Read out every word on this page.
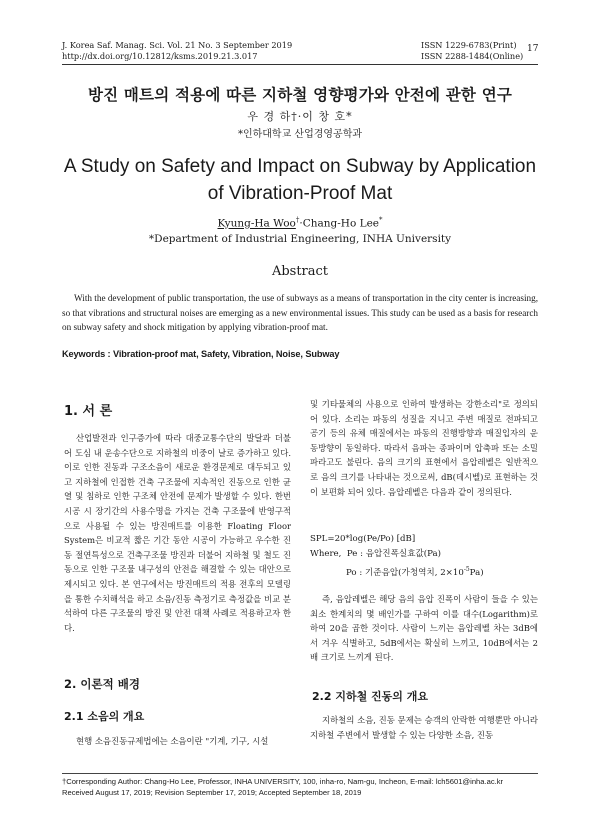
J. Korea Saf. Manag. Sci. Vol. 21 No. 3 September 2019
http://dx.doi.org/10.12812/ksms.2019.21.3.017
ISSN 1229-6783(Print)
ISSN 2288-1484(Online)
17
방진 매트의 적용에 따른 지하철 영향평가와 안전에 관한 연구
우 경 하†·이 창 호*
*인하대학교 산업경영공학과
A Study on Safety and Impact on Subway by Application
of Vibration-Proof Mat
Kyung-Ha Woo†·Chang-Ho Lee*
*Department of Industrial Engineering, INHA University
Abstract
With the development of public transportation, the use of subways as a means of transportation in the city center is increasing, so that vibrations and structural noises are emerging as a new environmental issues. This study can be used as a basis for research on subway safety and shock mitigation by applying vibration-proof mat.
Keywords : Vibration-proof mat, Safety, Vibration, Noise, Subway
1. 서 론

산업발전과 인구증가에 따라 대중교통수단의 발달과 더불어 도심 내 운송수단으로 지하철의 비중이 날로 증가하고 있다. 이로 인한 진동과 구조소음이 새로운 환경문제로 대두되고 있고 지하철에 인접한 건축 구조물에 지속적인 진동으로 인한 균열 및 침하로 인한 구조체 안전에 문제가 발생할 수 있다. 한번 시공 시 장기간의 사용수명을 가지는 건축 구조물에 반영구적으로 사용될 수 있는 방진매트를 이용한 Floating Floor System은 비교적 짧은 기간 동안 시공이 가능하고 우수한 진동 절연특성으로 건축구조물 방진과 더불어 지하철 및 철도 진동으로 인한 구조물 내구성의 안전을 해결할 수 있는 대안으로 제시되고 있다. 본 연구에서는 방진매트의 적용 전후의 모델링을 통한 수치해석을 하고 소음/진동 측정기로 측정값을 비교 분석하여 다른 구조물의 방진 및 안전 대책 사례로 적용하고자 한다.

2. 이론적 배경
2.1 소음의 개요

현행 소음진동규제법에는 소음이란 "기계, 기구, 시설

및 기타물체의 사용으로 인하여 발생하는 강한소리"로 정의되어 있다. 소리는 파동의 성질을 지니고 주변 매질로 전파되고 공기 등의 유체 매질에서는 파동의 진행방향과 매질입자의 운동방향이 동일하다. 따라서 음파는 종파이며 압축파 또는 소밀파라고도 불린다. 음의 크기의 표현에서 음압레벨은 일반적으로 음의 크기를 나타내는 것으로써, dB(데시벨)로 표현하는 것이 보편화 되어 있다. 음압레벨은 다음과 같이 정의된다.

SPL=20*log(Pe/Po) [dB]
Where, Pe : 음압진폭실효값(Pa)
Po : 기준음압(가청역치, $2\times 10^{-5}Pa$)

즉, 음압레벨은 해당 음의 음압 진폭이 사람이 들을 수 있는 최소 한계치의 몇 배인가를 구하여 이를 대수(Logarithm)로 하여 20을 곱한 것이다. 사람이 느끼는 음압레벨 차는 3dB에서 겨우 식별하고, 5dB에서는 확실히 느끼고, 10dB에서는 2배 크기로 느끼게 된다.

2.2 지하철 진동의 개요

지하철의 소음, 진동 문제는 승객의 안락한 여행뿐만 아니라 지하철 주변에서 발생할 수 있는 다양한 소음, 진동

†Corresponding Author: Chang-Ho Lee, Professor, INHA UNIVERSITY, 100, inha-ro, Nam-gu, Incheon, E-mail: lch5601@inha.ac.kr
Received August 17, 2019; Revision September 17, 2019; Accepted September 18, 2019
